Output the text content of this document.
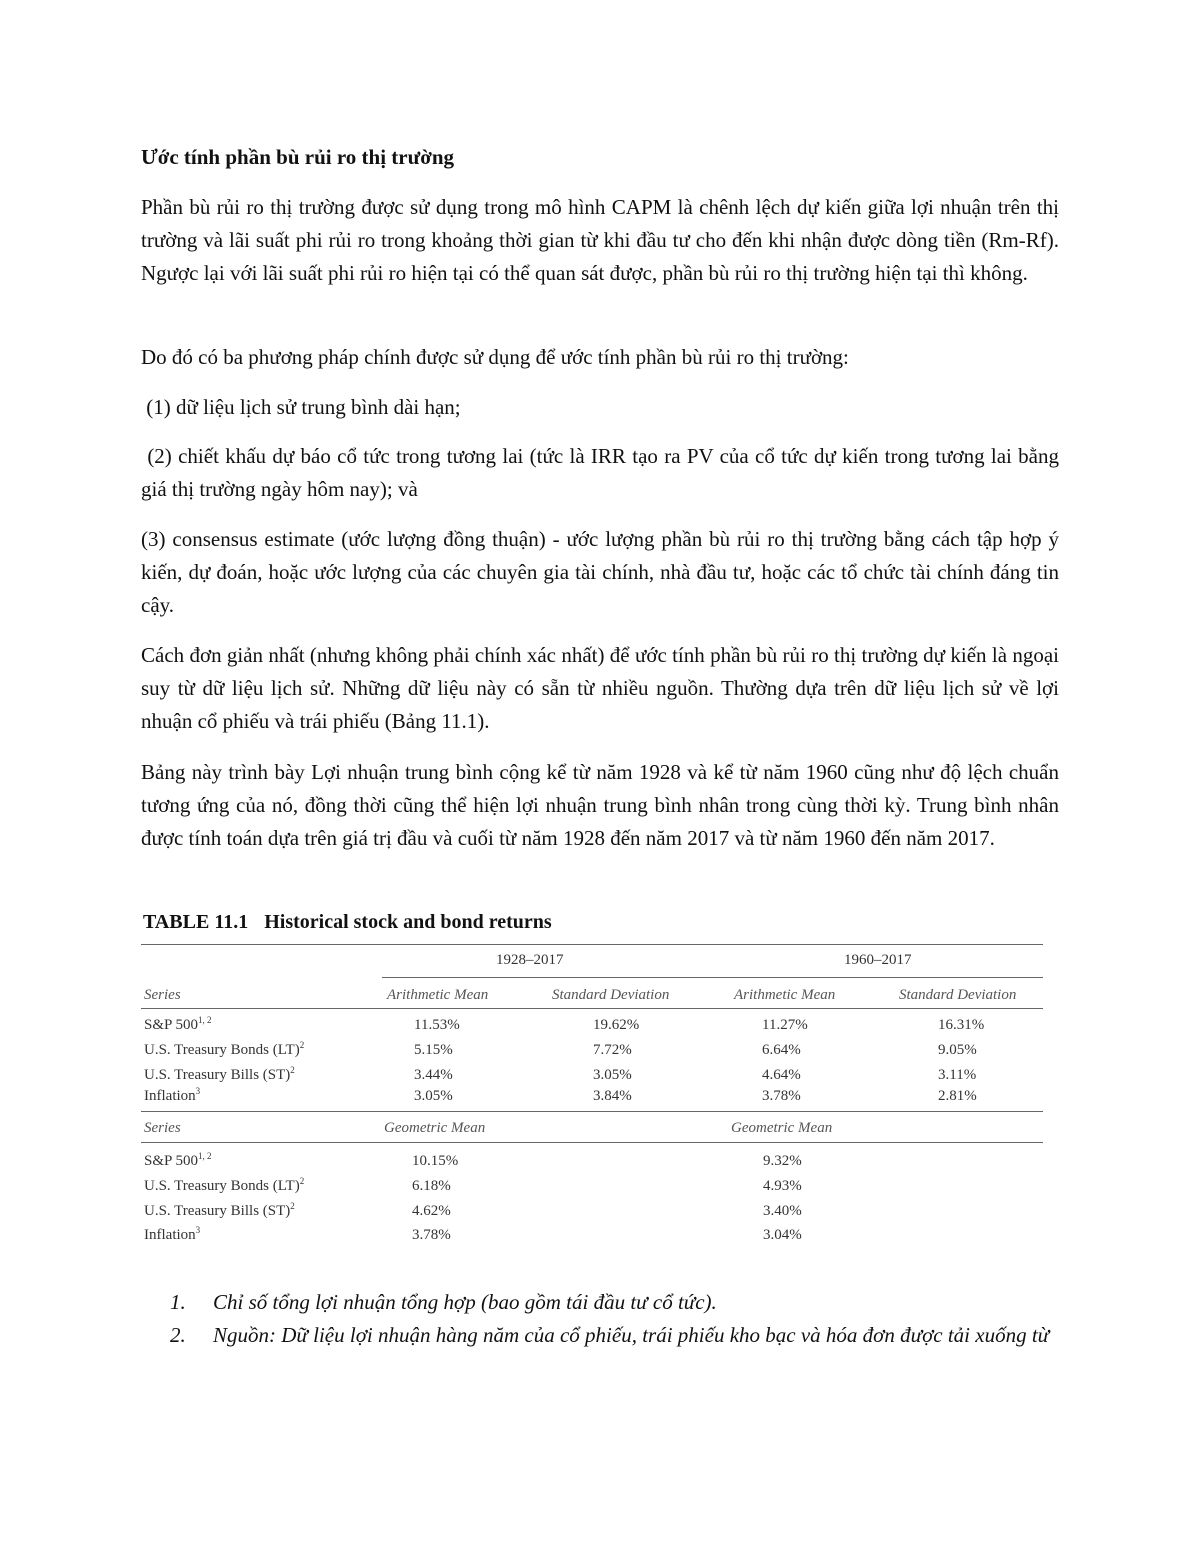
Ước tính phần bù rủi ro thị trường
Phần bù rủi ro thị trường được sử dụng trong mô hình CAPM là chênh lệch dự kiến giữa lợi nhuận trên thị trường và lãi suất phi rủi ro trong khoảng thời gian từ khi đầu tư cho đến khi nhận được dòng tiền (Rm-Rf). Ngược lại với lãi suất phi rủi ro hiện tại có thể quan sát được, phần bù rủi ro thị trường hiện tại thì không.
Do đó có ba phương pháp chính được sử dụng để ước tính phần bù rủi ro thị trường:
(1) dữ liệu lịch sử trung bình dài hạn;
(2) chiết khấu dự báo cổ tức trong tương lai (tức là IRR tạo ra PV của cổ tức dự kiến trong tương lai bằng giá thị trường ngày hôm nay); và
(3) consensus estimate (ước lượng đồng thuận) - ước lượng phần bù rủi ro thị trường bằng cách tập hợp ý kiến, dự đoán, hoặc ước lượng của các chuyên gia tài chính, nhà đầu tư, hoặc các tổ chức tài chính đáng tin cậy.
Cách đơn giản nhất (nhưng không phải chính xác nhất) để ước tính phần bù rủi ro thị trường dự kiến là ngoại suy từ dữ liệu lịch sử. Những dữ liệu này có sẵn từ nhiều nguồn. Thường dựa trên dữ liệu lịch sử về lợi nhuận cổ phiếu và trái phiếu (Bảng 11.1).
Bảng này trình bày Lợi nhuận trung bình cộng kể từ năm 1928 và kể từ năm 1960 cũng như độ lệch chuẩn tương ứng của nó, đồng thời cũng thể hiện lợi nhuận trung bình nhân trong cùng thời kỳ. Trung bình nhân được tính toán dựa trên giá trị đầu và cuối từ năm 1928 đến năm 2017 và từ năm 1960 đến năm 2017.
TABLE 11.1 Historical stock and bond returns
1928–2017	1960–2017
Series	Arithmetic Mean	Standard Deviation	Arithmetic Mean	Standard Deviation
S&P 500$^{1, 2}$	11.53%	19.62%	11.27%	16.31%
U.S. Treasury Bonds (LT)$^2$	5.15%	7.72%	6.64%	9.05%
U.S. Treasury Bills (ST)$^2$	3.44%	3.05%	4.64%	3.11%
Inflation$^3$	3.05%	3.84%	3.78%	2.81%
Series	Geometric Mean	Geometric Mean
S&P 500$^{1, 2}$	10.15%	9.32%
U.S. Treasury Bonds (LT)$^2$	6.18%	4.93%
U.S. Treasury Bills (ST)$^2$	4.62%	3.40%
Inflation$^3$	3.78%	3.04%
1. Chỉ số tổng lợi nhuận tổng hợp (bao gồm tái đầu tư cổ tức).
2. Nguồn: Dữ liệu lợi nhuận hàng năm của cổ phiếu, trái phiếu kho bạc và hóa đơn được tải xuống từ
